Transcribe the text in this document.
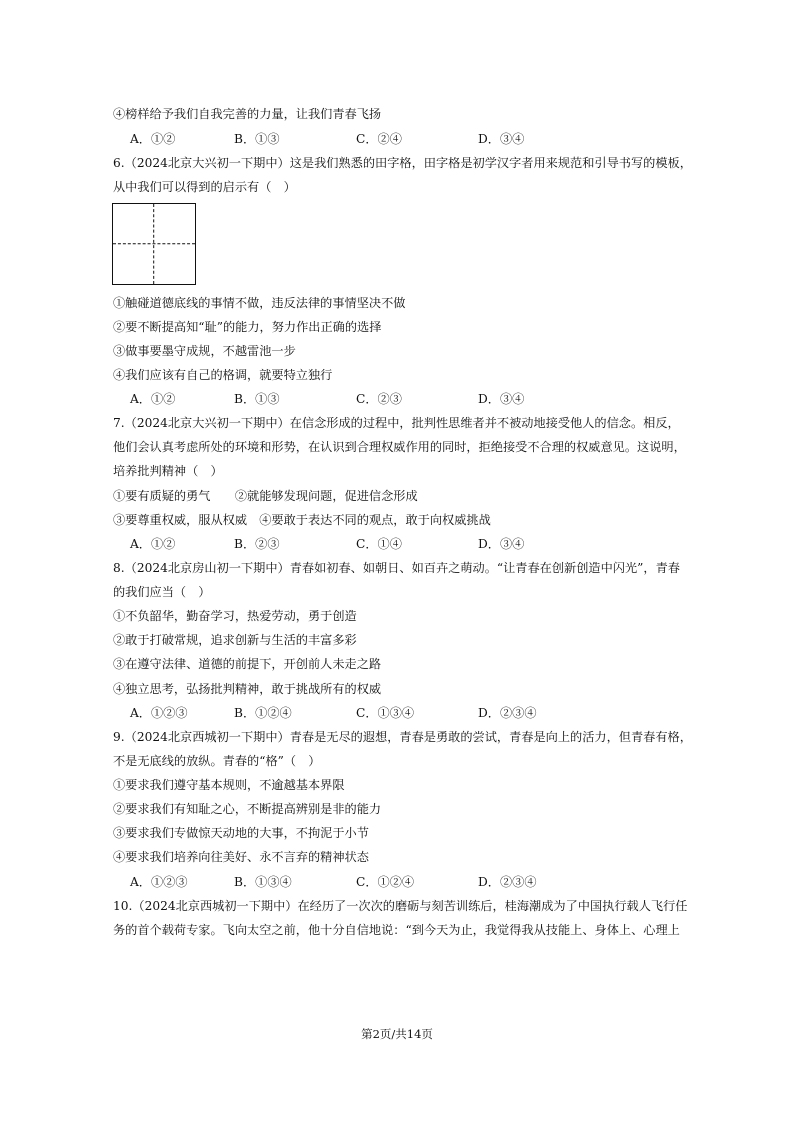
④榜样给予我们自我完善的力量，让我们青春飞扬
A．①②	B．①③	C．②④	D．③④
6.（2024北京大兴初一下期中）这是我们熟悉的田字格，田字格是初学汉字者用来规范和引导书写的模板，
从中我们可以得到的启示有（　）
①触碰道德底线的事情不做，违反法律的事情坚决不做
②要不断提高知“耻”的能力，努力作出正确的选择
③做事要墨守成规，不越雷池一步
④我们应该有自己的格调，就要特立独行
A．①②	B．①③	C．②③	D．③④
7.（2024北京大兴初一下期中）在信念形成的过程中，批判性思维者并不被动地接受他人的信念。相反，
他们会认真考虑所处的环境和形势，在认识到合理权威作用的同时，拒绝接受不合理的权威意见。这说明，
培养批判精神（　）
①要有质疑的勇气　　②就能够发现问题，促进信念形成
③要尊重权威，服从权威　④要敢于表达不同的观点，敢于向权威挑战
A．①②	B．②③	C．①④	D．③④
8.（2024北京房山初一下期中）青春如初春、如朝日、如百卉之萌动。“让青春在创新创造中闪光”，青春
的我们应当（　）
①不负韶华，勤奋学习，热爱劳动，勇于创造
②敢于打破常规，追求创新与生活的丰富多彩
③在遵守法律、道德的前提下，开创前人未走之路
④独立思考，弘扬批判精神，敢于挑战所有的权威
A．①②③	B．①②④	C．①③④	D．②③④
9.（2024北京西城初一下期中）青春是无尽的遐想，青春是勇敢的尝试，青春是向上的活力，但青春有格，
不是无底线的放纵。青春的“格”（　）
①要求我们遵守基本规则，不逾越基本界限
②要求我们有知耻之心，不断提高辨别是非的能力
③要求我们专做惊天动地的大事，不拘泥于小节
④要求我们培养向往美好、永不言弃的精神状态
A．①②③	B．①③④	C．①②④	D．②③④
10.（2024北京西城初一下期中）在经历了一次次的磨砺与刻苦训练后，桂海潮成为了中国执行载人飞行任
务的首个载荷专家。飞向太空之前，他十分自信地说：“到今天为止，我觉得我从技能上、身体上、心理上
第2页/共14页
